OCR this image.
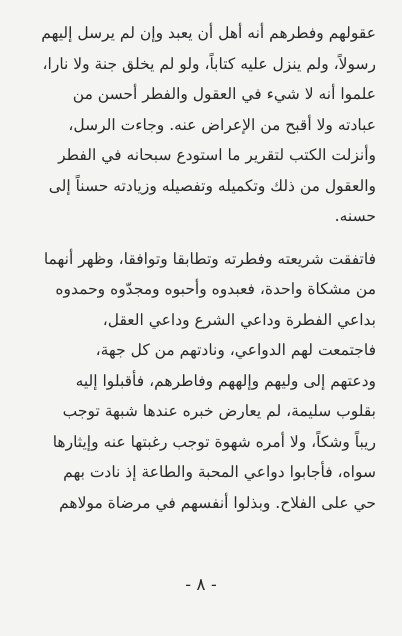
عقولهم وفطرهم أنه أهل أن يعبد وإن لم يرسل إليهم
رسولاً، ولم ينزل عليه كتاباً، ولو لم يخلق جنة ولا نارا،
علموا أنه لا شيء في العقول والفطر أحسن من
عبادته ولا أقبح من الإعراض عنه. وجاءت الرسل،
وأنزلت الكتب لتقرير ما استودع سبحانه في الفطر
والعقول من ذلك وتكميله وتفصيله وزيادته حسناً إلى
حسنه.
فاتفقت شريعته وفطرته وتطابقا وتوافقا، وظهر أنهما
من مشكاة واحدة، فعبدوه وأحبوه ومجدّوه وحمدوه
بداعي الفطرة وداعي الشرع وداعي العقل،
فاجتمعت لهم الدواعي، ونادتهم من كل جهة،
ودعتهم إلى وليهم وإلههم وفاطرهم، فأقبلوا إليه
بقلوب سليمة، لم يعارض خبره عندها شبهة توجب
ريباً وشكاً، ولا أمره شهوة توجب رغبتها عنه وإيثارها
سواه، فأجابوا دواعي المحبة والطاعة إذ نادت بهم
حي على الفلاح. وبذلوا أنفسهم في مرضاة مولاهم
- ٨ -
